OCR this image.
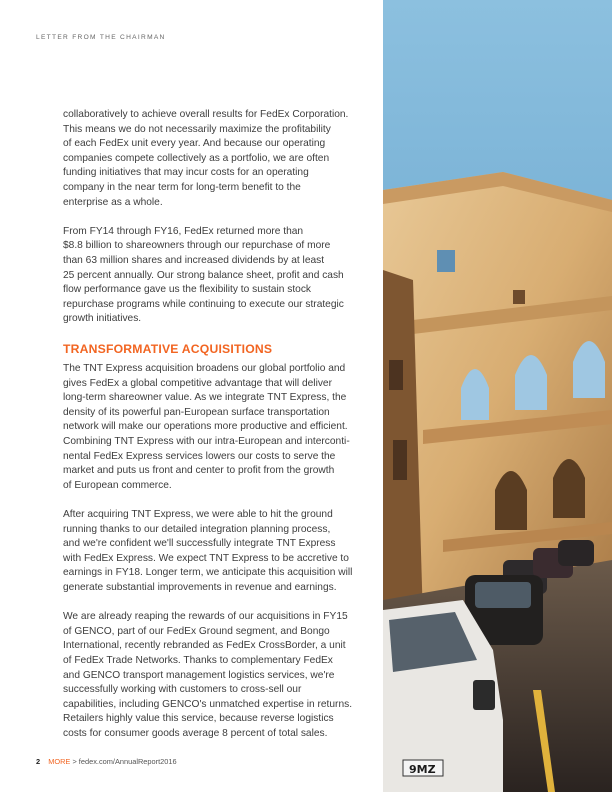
LETTER FROM THE CHAIRMAN

collaboratively to achieve overall results for FedEx Corporation.
This means we do not necessarily maximize the profitability
of each FedEx unit every year. And because our operating
companies compete collectively as a portfolio, we are often
funding initiatives that may incur costs for an operating
company in the near term for long-term benefit to the
enterprise as a whole.

From FY14 through FY16, FedEx returned more than
$8.8 billion to shareowners through our repurchase of more
than 63 million shares and increased dividends by at least
25 percent annually. Our strong balance sheet, profit and cash
flow performance gave us the flexibility to sustain stock
repurchase programs while continuing to execute our strategic
growth initiatives.

TRANSFORMATIVE ACQUISITIONS

The TNT Express acquisition broadens our global portfolio and
gives FedEx a global competitive advantage that will deliver
long-term shareowner value. As we integrate TNT Express, the
density of its powerful pan-European surface transportation
network will make our operations more productive and efficient.
Combining TNT Express with our intra-European and interconti-
nental FedEx Express services lowers our costs to serve the
market and puts us front and center to profit from the growth
of European commerce.

After acquiring TNT Express, we were able to hit the ground
running thanks to our detailed integration planning process,
and we're confident we'll successfully integrate TNT Express
with FedEx Express. We expect TNT Express to be accretive to
earnings in FY18. Longer term, we anticipate this acquisition will
generate substantial improvements in revenue and earnings.

We are already reaping the rewards of our acquisitions in FY15
of GENCO, part of our FedEx Ground segment, and Bongo
International, recently rebranded as FedEx CrossBorder, a unit
of FedEx Trade Networks. Thanks to complementary FedEx
and GENCO transport management logistics services, we're
successfully working with customers to cross-sell our
capabilities, including GENCO's unmatched expertise in returns.
Retailers highly value this service, because reverse logistics
costs for consumer goods average 8 percent of total sales.

2 MORE > fedex.com/AnnualReport2016
9MZ
